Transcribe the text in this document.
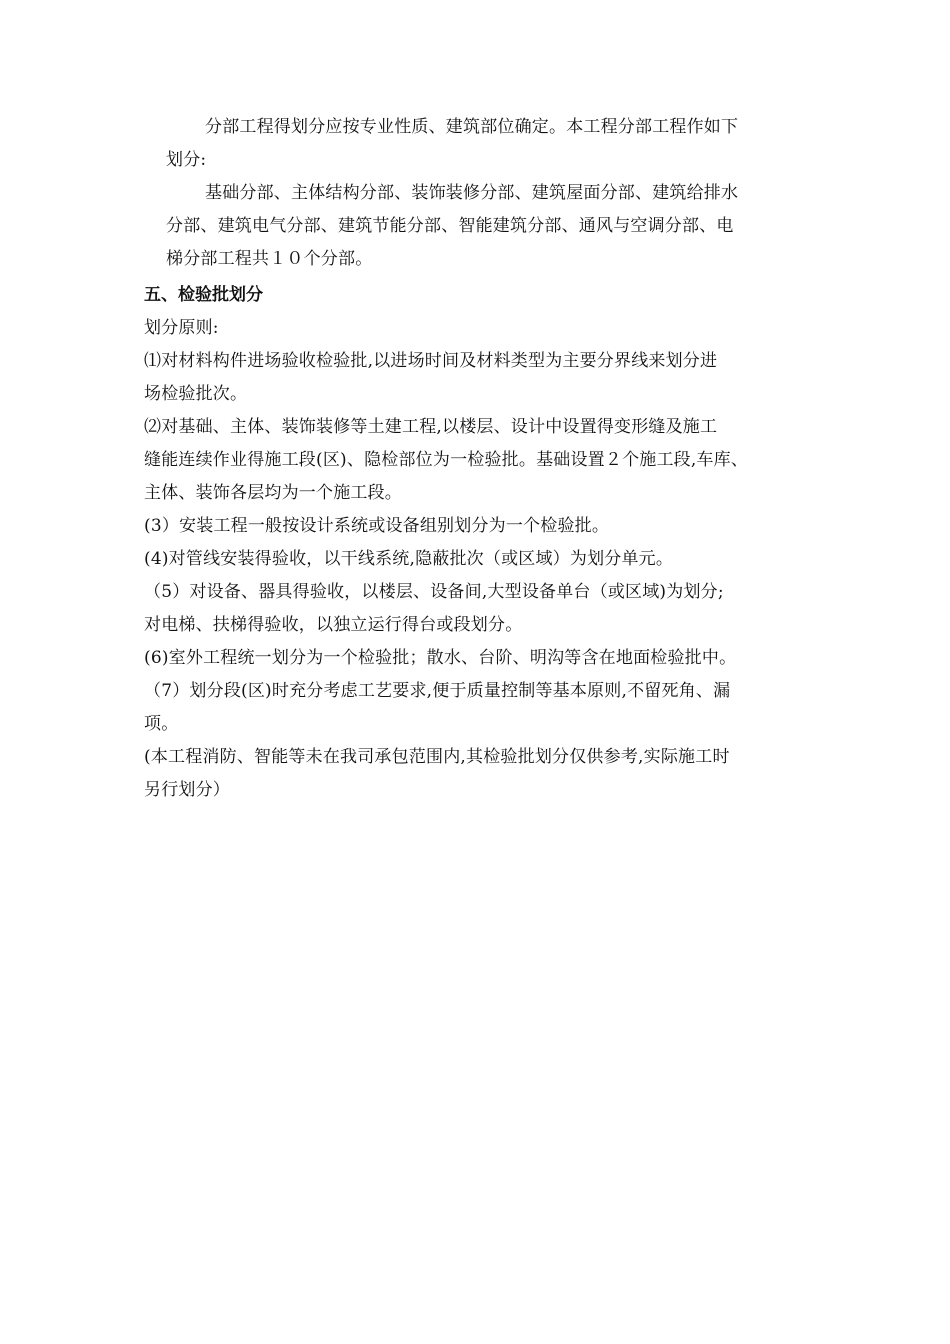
分部工程得划分应按专业性质、建筑部位确定。本工程分部工程作如下
划分:

基础分部、主体结构分部、装饰装修分部、建筑屋面分部、建筑给排水
分部、建筑电气分部、建筑节能分部、智能建筑分部、通风与空调分部、电
梯分部工程共１０个分部。

五、检验批划分

划分原则:

⑴对材料构件进场验收检验批,以进场时间及材料类型为主要分界线来划分进
场检验批次。

⑵对基础、主体、装饰装修等土建工程,以楼层、设计中设置得变形缝及施工
缝能连续作业得施工段(区)、隐检部位为一检验批。基础设置２个施工段,车库、
主体、装饰各层均为一个施工段。

(3）安装工程一般按设计系统或设备组别划分为一个检验批。

(4)对管线安装得验收，以干线系统,隐蔽批次（或区域）为划分单元。

（5）对设备、器具得验收，以楼层、设备间,大型设备单台（或区域)为划分;
对电梯、扶梯得验收，以独立运行得台或段划分。

(6)室外工程统一划分为一个检验批；散水、台阶、明沟等含在地面检验批中。

（7）划分段(区)时充分考虑工艺要求,便于质量控制等基本原则,不留死角、漏
项。

(本工程消防、智能等未在我司承包范围内,其检验批划分仅供参考,实际施工时
另行划分）
